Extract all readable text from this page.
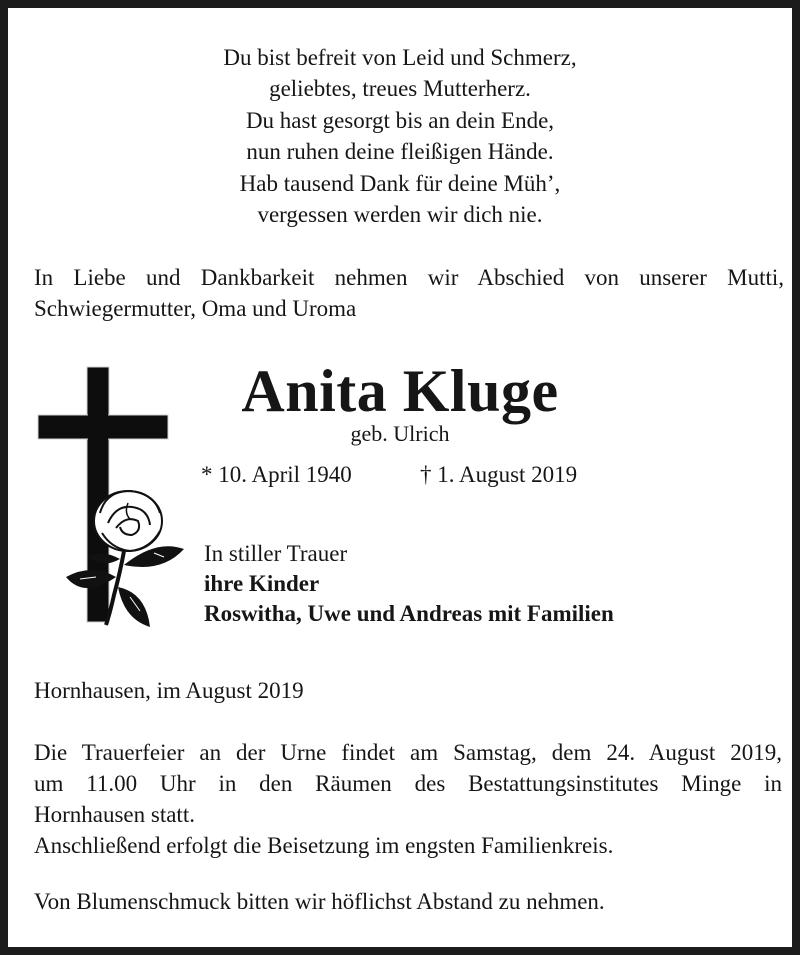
Du bist befreit von Leid und Schmerz,
geliebtes, treues Mutterherz.
Du hast gesorgt bis an dein Ende,
nun ruhen deine fleißigen Hände.
Hab tausend Dank für deine Müh’,
vergessen werden wir dich nie.
In Liebe und Dankbarkeit nehmen wir Abschied von unserer Mutti, Schwiegermutter, Oma und Uroma
Anita Kluge
geb. Ulrich
* 10. April 1940	† 1. August 2019
In stiller Trauer
ihre Kinder
Roswitha, Uwe und Andreas mit Familien
Hornhausen, im August 2019
Die Trauerfeier an der Urne findet am Samstag, dem 24. August 2019,
um 11.00 Uhr in den Räumen des Bestattungsinstitutes Minge in
Hornhausen statt.
Anschließend erfolgt die Beisetzung im engsten Familienkreis.
Von Blumenschmuck bitten wir höflichst Abstand zu nehmen.
